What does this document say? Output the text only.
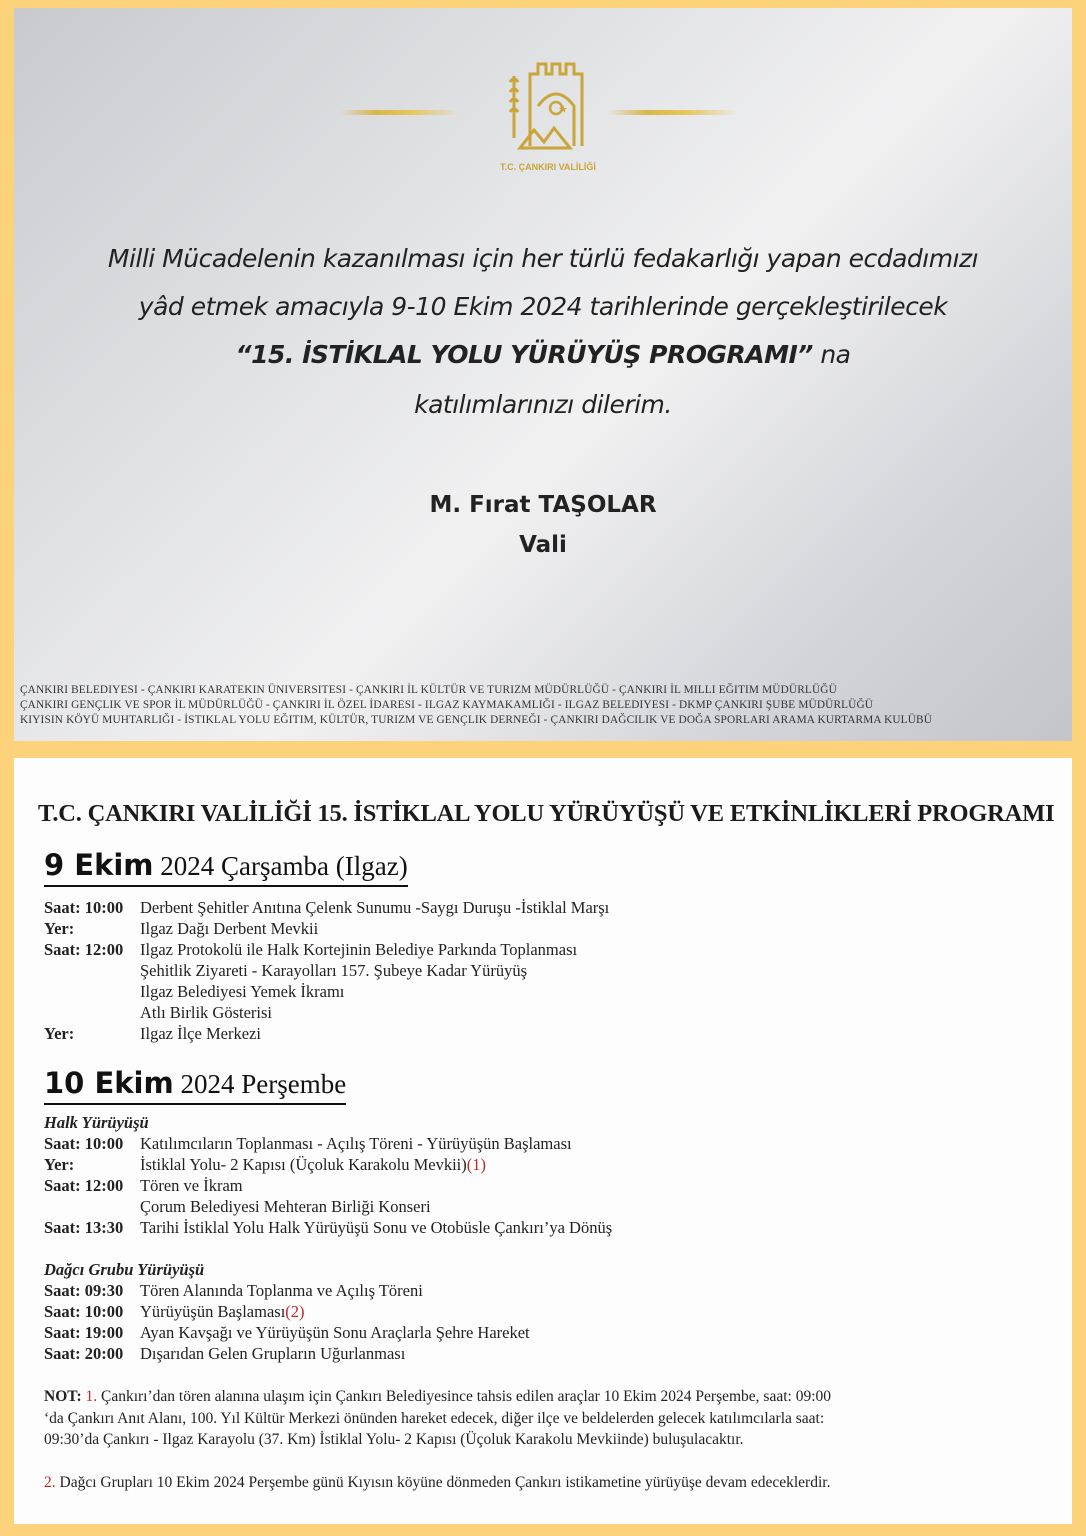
T.C. ÇANKIRI VALİLİĞİ
Milli Mücadelenin kazanılması için her türlü fedakarlığı yapan ecdadımızı
yâd etmek amacıyla 9-10 Ekim 2024 tarihlerinde gerçekleştirilecek
“15. İSTİKLAL YOLU YÜRÜYÜŞ PROGRAMI” na
katılımlarınızı dilerim.
M. Fırat TAŞOLAR
Vali
ÇANKIRI BELEDIYESI - ÇANKIRI KARATEKIN ÜNIVERSITESI - ÇANKIRI İL KÜLTÜR VE TURIZM MÜDÜRLÜĞÜ - ÇANKIRI İL MILLI EĞITIM MÜDÜRLÜĞÜ
ÇANKIRI GENÇLIK VE SPOR İL MÜDÜRLÜĞÜ - ÇANKIRI İL ÖZEL İDARESI - ILGAZ KAYMAKAMLIĞI - ILGAZ BELEDIYESI - DKMP ÇANKIRI ŞUBE MÜDÜRLÜĞÜ
KIYISIN KÖYÜ MUHTARLIĞI - İSTIKLAL YOLU EĞITIM, KÜLTÜR, TURIZM VE GENÇLIK DERNEĞI - ÇANKIRI DAĞCILIK VE DOĞA SPORLARI ARAMA KURTARMA KULÜBÜ
T.C. ÇANKIRI VALİLİĞİ 15. İSTİKLAL YOLU YÜRÜYÜŞÜ VE ETKİNLİKLERİ PROGRAMI
9 Ekim 2024 Çarşamba (Ilgaz)
Saat: 10:00 Derbent Şehitler Anıtına Çelenk Sunumu -Saygı Duruşu -İstiklal Marşı
Yer:	Ilgaz Dağı Derbent Mevkii
Saat: 12:00 Ilgaz Protokolü ile Halk Kortejinin Belediye Parkında Toplanması
Şehitlik Ziyareti - Karayolları 157. Şubeye Kadar Yürüyüş
Ilgaz Belediyesi Yemek İkramı
Atlı Birlik Gösterisi
Yer:	Ilgaz İlçe Merkezi
10 Ekim 2024 Perşembe
Halk Yürüyüşü
Saat: 10:00 Katılımcıların Toplanması - Açılış Töreni - Yürüyüşün Başlaması
Yer:	İstiklal Yolu- 2 Kapısı (Üçoluk Karakolu Mevkii)(1)
Saat: 12:00 Tören ve İkram
Çorum Belediyesi Mehteran Birliği Konseri
Saat: 13:30 Tarihi İstiklal Yolu Halk Yürüyüşü Sonu ve Otobüsle Çankırı’ya Dönüş
Dağcı Grubu Yürüyüşü
Saat: 09:30 Tören Alanında Toplanma ve Açılış Töreni
Saat: 10:00 Yürüyüşün Başlaması(2)
Saat: 19:00 Ayan Kavşağı ve Yürüyüşün Sonu Araçlarla Şehre Hareket
Saat: 20:00 Dışarıdan Gelen Grupların Uğurlanması
NOT: 1. Çankırı’dan tören alanına ulaşım için Çankırı Belediyesince tahsis edilen araçlar 10 Ekim 2024 Perşembe, saat: 09:00 ‘da Çankırı Anıt Alanı, 100. Yıl Kültür Merkezi önünden hareket edecek, diğer ilçe ve beldelerden gelecek katılımcılarla saat: 09:30’da Çankırı - Ilgaz Karayolu (37. Km) İstiklal Yolu- 2 Kapısı (Üçoluk Karakolu Mevkiinde) buluşulacaktır.
2. Dağcı Grupları 10 Ekim 2024 Perşembe günü Kıyısın köyüne dönmeden Çankırı istikametine yürüyüşe devam edeceklerdir.
